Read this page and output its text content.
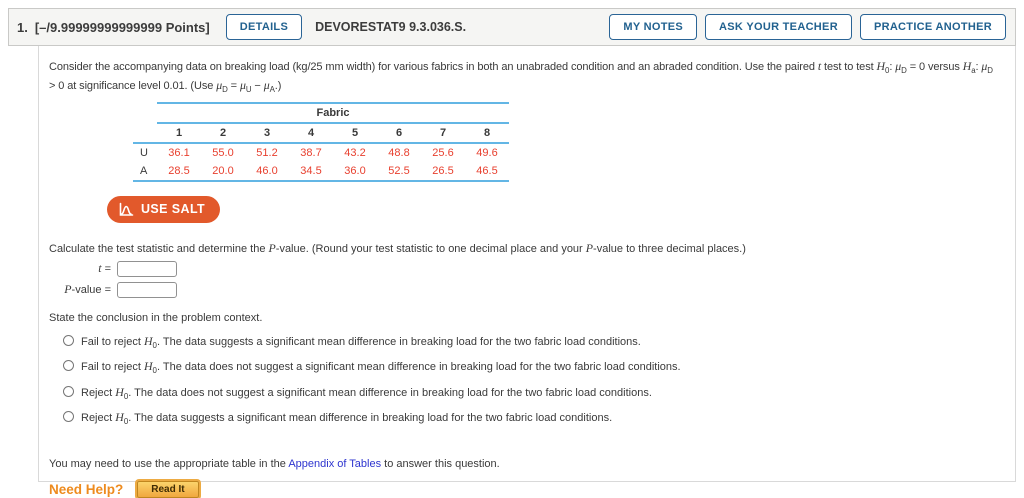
1. [–/9.99999999999999 Points]	DETAILS	DEVORESTAT9 9.3.036.S.	MY NOTES	ASK YOUR TEACHER	PRACTICE ANOTHER

Consider the accompanying data on breaking load (kg/25 mm width) for various fabrics in both an unabraded condition and an abraded condition. Use the paired t test to test $H_0$: $\mu_D = 0$ versus $H_a$: $\mu_D > 0$ at significance level 0.01. (Use $\mu_D = \mu_U - \mu_A$.)

	Fabric							
	1	2	3	4	5	6	7	8
U	36.1	55.0	51.2	38.7	43.2	48.8	25.6	49.6
A	28.5	20.0	46.0	34.5	36.0	52.5	26.5	46.5
USE SALT

Calculate the test statistic and determine the P-value. (Round your test statistic to one decimal place and your P-value to three decimal places.)

t =
P-value =

State the conclusion in the problem context.

Fail to reject $H_0$. The data suggests a significant mean difference in breaking load for the two fabric load conditions.
Fail to reject $H_0$. The data does not suggest a significant mean difference in breaking load for the two fabric load conditions.
Reject $H_0$. The data does not suggest a significant mean difference in breaking load for the two fabric load conditions.
Reject $H_0$. The data suggests a significant mean difference in breaking load for the two fabric load conditions.

You may need to use the appropriate table in the Appendix of Tables to answer this question.

Need Help?	Read It
